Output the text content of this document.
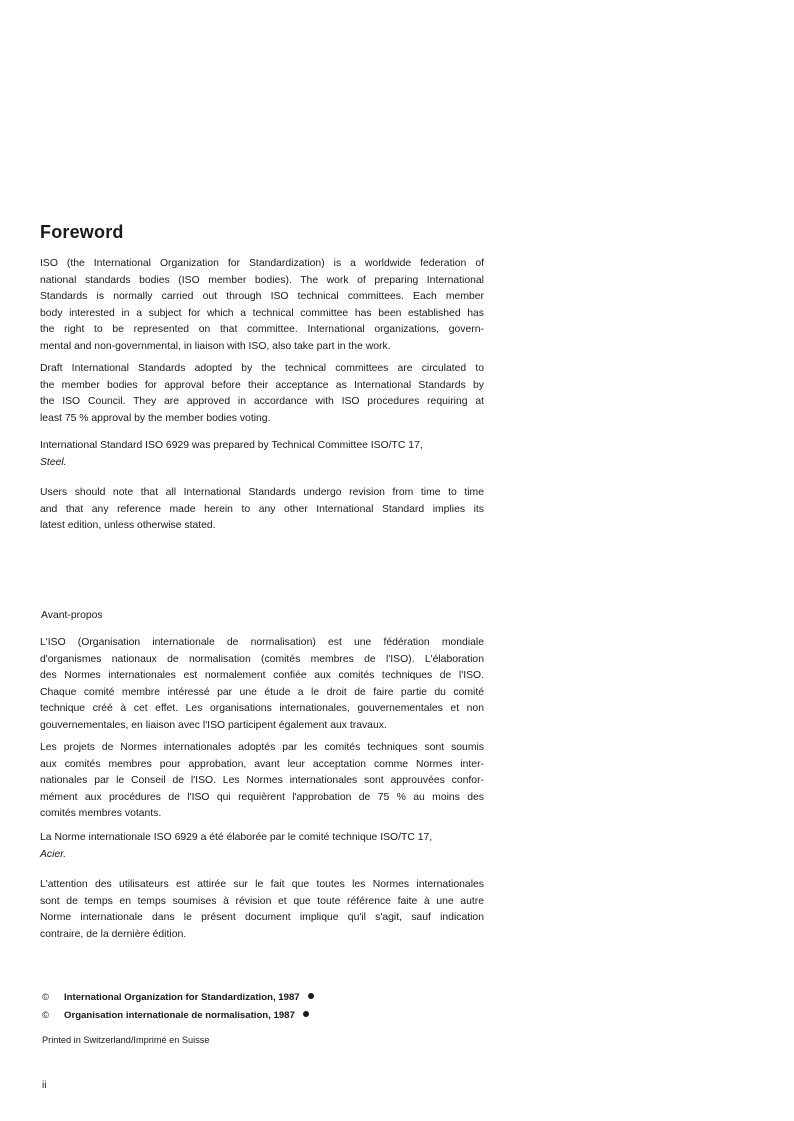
Foreword
ISO (the International Organization for Standardization) is a worldwide federation of
national standards bodies (ISO member bodies). The work of preparing International
Standards is normally carried out through ISO technical committees. Each member
body interested in a subject for which a technical committee has been established has
the right to be represented on that committee. International organizations, govern-
mental and non-governmental, in liaison with ISO, also take part in the work.
Draft International Standards adopted by the technical committees are circulated to
the member bodies for approval before their acceptance as International Standards by
the ISO Council. They are approved in accordance with ISO procedures requiring at
least 75 % approval by the member bodies voting.
International Standard ISO 6929 was prepared by Technical Committee ISO/TC 17,
Steel.
Users should note that all International Standards undergo revision from time to time
and that any reference made herein to any other International Standard implies its
latest edition, unless otherwise stated.
Avant-propos
L'ISO (Organisation internationale de normalisation) est une fédération mondiale
d'organismes nationaux de normalisation (comités membres de l'ISO). L'élaboration
des Normes internationales est normalement confiée aux comités techniques de l'ISO.
Chaque comité membre intéressé par une étude a le droit de faire partie du comité
technique créé à cet effet. Les organisations internationales, gouvernementales et non
gouvernementales, en liaison avec l'ISO participent également aux travaux.
Les projets de Normes internationales adoptés par les comités techniques sont soumis
aux comités membres pour approbation, avant leur acceptation comme Normes inter-
nationales par le Conseil de l'ISO. Les Normes internationales sont approuvées confor-
mément aux procédures de l'ISO qui requièrent l'approbation de 75 % au moins des
comités membres votants.
La Norme internationale ISO 6929 a été élaborée par le comité technique ISO/TC 17,
Acier.
L'attention des utilisateurs est attirée sur le fait que toutes les Normes internationales
sont de temps en temps soumises à révision et que toute référence faite à une autre
Norme internationale dans le présent document implique qu'il s'agit, sauf indication
contraire, de la dernière édition.
© International Organization for Standardization, 1987
© Organisation internationale de normalisation, 1987
Printed in Switzerland/Imprimé en Suisse
ii
